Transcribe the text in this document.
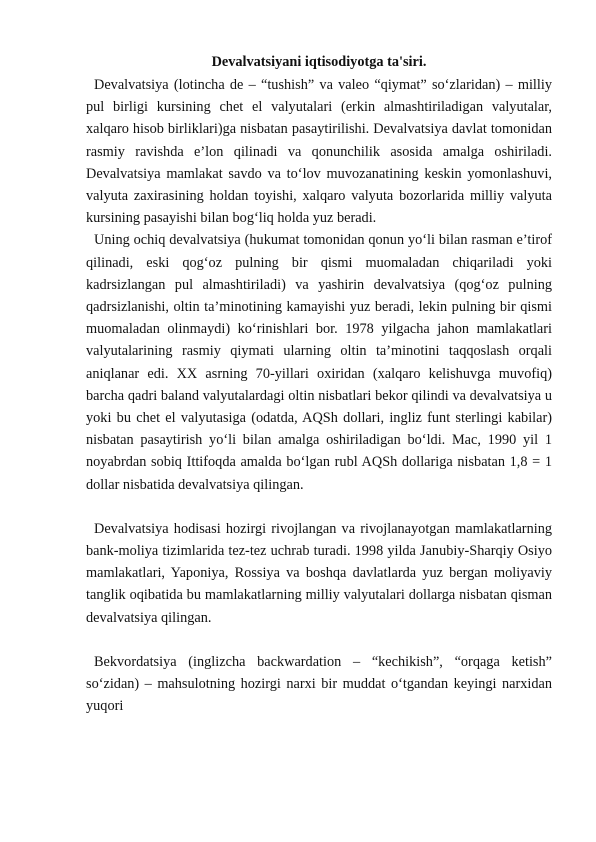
Devalvatsiyani iqtisodiyotga ta'siri.

Devalvatsiya (lotincha de – “tushish” va valeo “qiymat” so‘zlaridan) – milliy pul birligi kursining chet el valyutalari (erkin almashtiriladigan valyutalar, xalqaro hisob birliklari)ga nisbatan pasaytirilishi. Devalvatsiya davlat tomonidan rasmiy ravishda e’lon qilinadi va qonunchilik asosida amalga oshiriladi. Devalvatsiya mamlakat savdo va to‘lov muvozanatining keskin yomonlashuvi, valyuta zaxirasining holdan toyishi, xalqaro valyuta bozorlarida milliy valyuta kursining pasayishi bilan bog‘liq holda yuz beradi.

Uning ochiq devalvatsiya (hukumat tomonidan qonun yo‘li bilan rasman e’tirof qilinadi, eski qog‘oz pulning bir qismi muomaladan chiqariladi yoki kadrsizlangan pul almashtiriladi) va yashirin devalvatsiya (qog‘oz pulning qadrsizlanishi, oltin ta’minotining kamayishi yuz beradi, lekin pulning bir qismi muomaladan olinmaydi) ko‘rinishlari bor. 1978 yilgacha jahon mamlakatlari valyutalarining rasmiy qiymati ularning oltin ta’minotini taqqoslash orqali aniqlanar edi. XX asrning 70-yillari oxiridan (xalqaro kelishuvga muvofiq) barcha qadri baland valyutalardagi oltin nisbatlari bekor qilindi va devalvatsiya u yoki bu chet el valyutasiga (odatda, AQSh dollari, ingliz funt sterlingi kabilar) nisbatan pasaytirish yo‘li bilan amalga oshiriladigan bo‘ldi. Mac, 1990 yil 1 noyabrdan sobiq Ittifoqda amalda bo‘lgan rubl AQSh dollariga nisbatan 1,8 = 1 dollar nisbatida devalvatsiya qilingan.

Devalvatsiya hodisasi hozirgi rivojlangan va rivojlanayotgan mamlakatlarning bank-moliya tizimlarida tez-tez uchrab turadi. 1998 yilda Janubiy-Sharqiy Osiyo mamlakatlari, Yaponiya, Rossiya va boshqa davlatlarda yuz bergan moliyaviy tanglik oqibatida bu mamlakatlarning milliy valyutalari dollarga nisbatan qisman devalvatsiya qilingan.

Bekvordatsiya (inglizcha backwardation – “kechikish”, “orqaga ketish” so‘zidan) – mahsulotning hozirgi narxi bir muddat o‘tgandan keyingi narxidan yuqori
